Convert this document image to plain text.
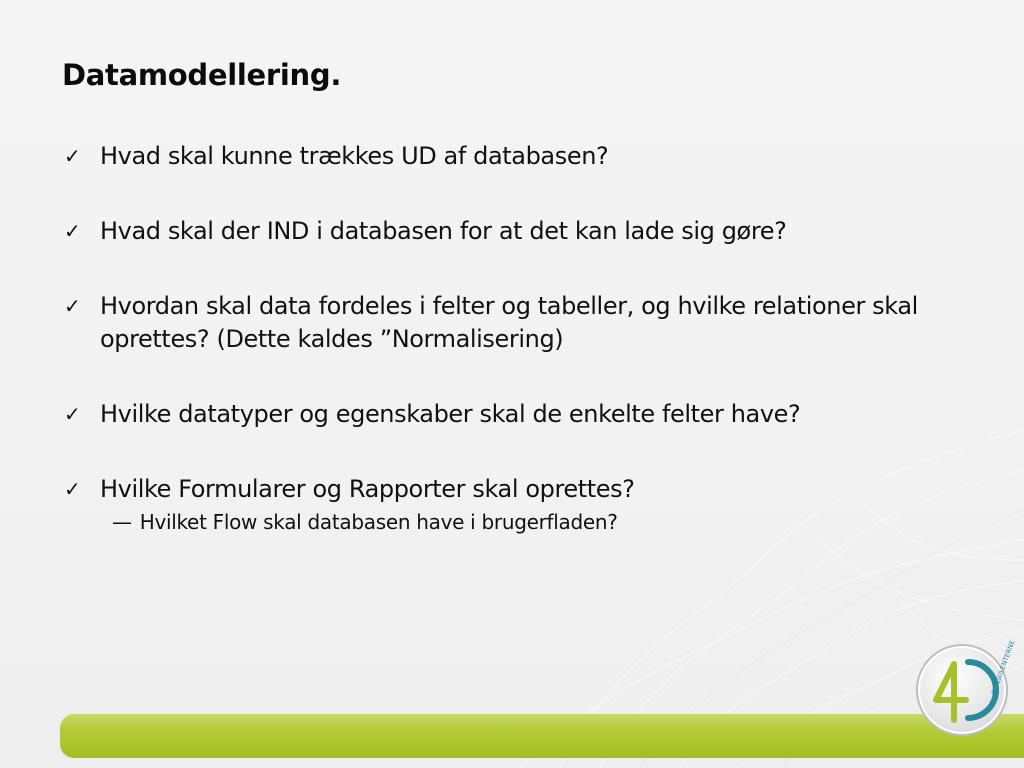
Datamodellering.
✓ Hvad skal kunne trækkes UD af databasen?
✓ Hvad skal der IND i databasen for at det kan lade sig gøre?
✓ Hvordan skal data fordeles i felter og tabeller, og hvilke relationer skal oprettes? (Dette kaldes ”Normalisering)
✓ Hvilke datatyper og egenskaber skal de enkelte felter have?
✓ Hvilke Formularer og Rapporter skal oprettes?
— Hvilket Flow skal databasen have i brugerfladen?
KONSULENTERNE
